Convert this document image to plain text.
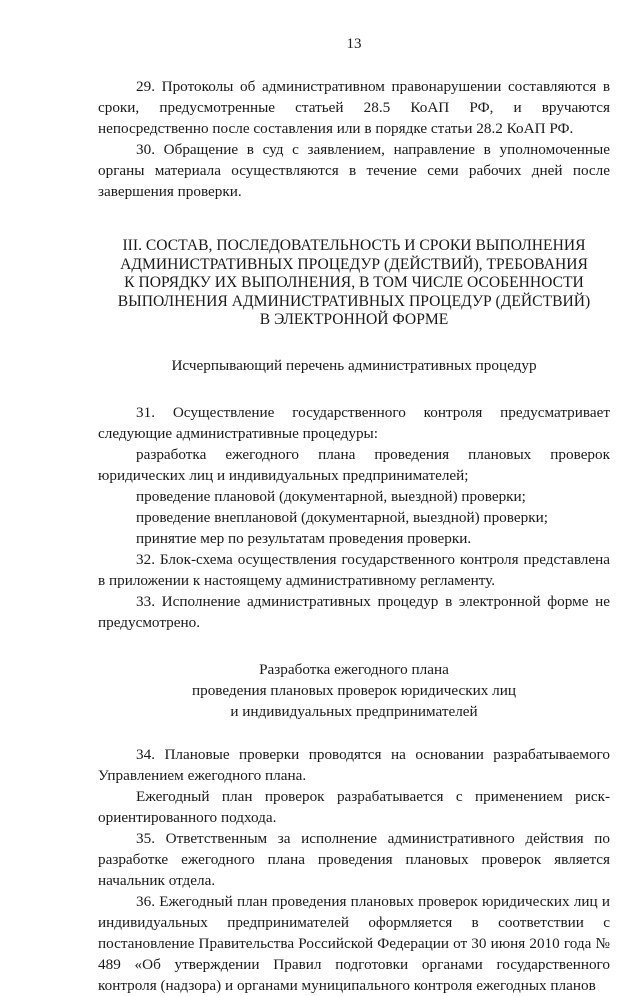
13

29. Протоколы об административном правонарушении составляются в сроки, предусмотренные статьей 28.5 КоАП РФ, и вручаются непосредственно после составления или в порядке статьи 28.2 КоАП РФ.

30. Обращение в суд с заявлением, направление в уполномоченные органы материала осуществляются в течение семи рабочих дней после завершения проверки.

III. СОСТАВ, ПОСЛЕДОВАТЕЛЬНОСТЬ И СРОКИ ВЫПОЛНЕНИЯ
АДМИНИСТРАТИВНЫХ ПРОЦЕДУР (ДЕЙСТВИЙ), ТРЕБОВАНИЯ
К ПОРЯДКУ ИХ ВЫПОЛНЕНИЯ, В ТОМ ЧИСЛЕ ОСОБЕННОСТИ
ВЫПОЛНЕНИЯ АДМИНИСТРАТИВНЫХ ПРОЦЕДУР (ДЕЙСТВИЙ)
В ЭЛЕКТРОННОЙ ФОРМЕ
Исчерпывающий перечень административных процедур

31. Осуществление государственного контроля предусматривает следующие административные процедуры:

разработка ежегодного плана проведения плановых проверок юридических лиц и индивидуальных предпринимателей;

проведение плановой (документарной, выездной) проверки;

проведение внеплановой (документарной, выездной) проверки;

принятие мер по результатам проведения проверки.

32. Блок-схема осуществления государственного контроля представлена в приложении к настоящему административному регламенту.

33. Исполнение административных процедур в электронной форме не предусмотрено.

Разработка ежегодного плана
проведения плановых проверок юридических лиц
и индивидуальных предпринимателей

34. Плановые проверки проводятся на основании разрабатываемого Управлением ежегодного плана.

Ежегодный план проверок разрабатывается с применением риск-ориентированного подхода.

35. Ответственным за исполнение административного действия по разработке ежегодного плана проведения плановых проверок является начальник отдела.

36. Ежегодный план проведения плановых проверок юридических лиц и индивидуальных предпринимателей оформляется в соответствии с постановление Правительства Российской Федерации от 30 июня 2010 года № 489 «Об утверждении Правил подготовки органами государственного контроля (надзора) и органами муниципального контроля ежегодных планов
